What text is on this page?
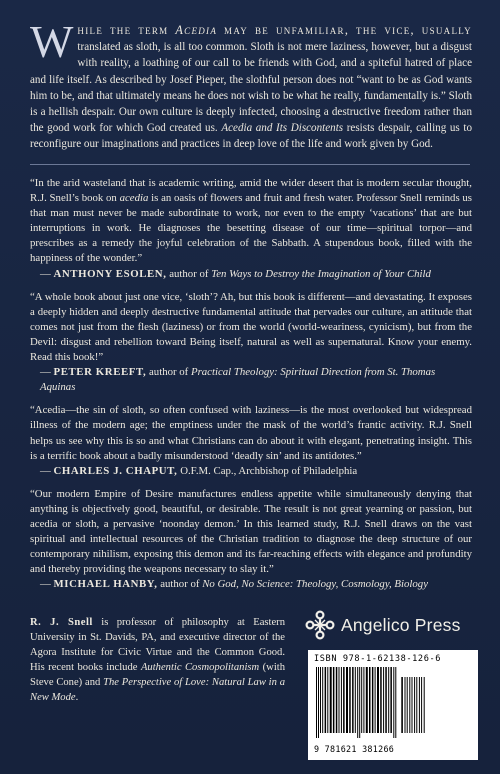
While the term Acedia may be unfamiliar, the vice, usually translated as sloth, is all too common. Sloth is not mere laziness, however, but a disgust with reality, a loathing of our call to be friends with God, and a spiteful hatred of place and life itself. As described by Josef Pieper, the slothful person does not “want to be as God wants him to be, and that ultimately means he does not wish to be what he really, fundamentally is.” Sloth is a hellish despair. Our own culture is deeply infected, choosing a destructive freedom rather than the good work for which God created us. Acedia and Its Discontents resists despair, calling us to reconfigure our imaginations and practices in deep love of the life and work given by God.
“In the arid wasteland that is academic writing, amid the wider desert that is modern secular thought, R.J. Snell’s book on acedia is an oasis of flowers and fruit and fresh water. Professor Snell reminds us that man must never be made subordinate to work, nor even to the empty ‘vacations’ that are but interruptions in work. He diagnoses the besetting disease of our time—spiritual torpor—and prescribes as a remedy the joyful celebration of the Sabbath. A stupendous book, filled with the happiness of the wonder.”
— ANTHONY ESOLEN, author of Ten Ways to Destroy the Imagination of Your Child
“A whole book about just one vice, ‘sloth’? Ah, but this book is different—and devastating. It exposes a deeply hidden and deeply destructive fundamental attitude that pervades our culture, an attitude that comes not just from the flesh (laziness) or from the world (world-weariness, cynicism), but from the Devil: disgust and rebellion toward Being itself, natural as well as supernatural. Know your enemy. Read this book!”
— PETER KREEFT, author of Practical Theology: Spiritual Direction from St. Thomas Aquinas
“Acedia—the sin of sloth, so often confused with laziness—is the most overlooked but widespread illness of the modern age; the emptiness under the mask of the world’s frantic activity. R.J. Snell helps us see why this is so and what Christians can do about it with elegant, penetrating insight. This is a terrific book about a badly misunderstood ‘deadly sin’ and its antidotes.”
— CHARLES J. CHAPUT, O.F.M. Cap., Archbishop of Philadelphia
“Our modern Empire of Desire manufactures endless appetite while simultaneously denying that anything is objectively good, beautiful, or desirable. The result is not great yearning or passion, but acedia or sloth, a pervasive ‘noonday demon.’ In this learned study, R.J. Snell draws on the vast spiritual and intellectual resources of the Christian tradition to diagnose the deep structure of our contemporary nihilism, exposing this demon and its far-reaching effects with elegance and profundity and thereby providing the weapons necessary to slay it.”
— MICHAEL HANBY, author of No God, No Science: Theology, Cosmology, Biology
R. J. Snell is professor of philosophy at Eastern University in St. Davids, PA, and executive director of the Agora Institute for Civic Virtue and the Common Good. His recent books include Authentic Cosmopolitanism (with Steve Cone) and The Perspective of Love: Natural Law in a New Mode.
Angelico Press
ISBN 978-1-62138-126-6
9 781621 381266
